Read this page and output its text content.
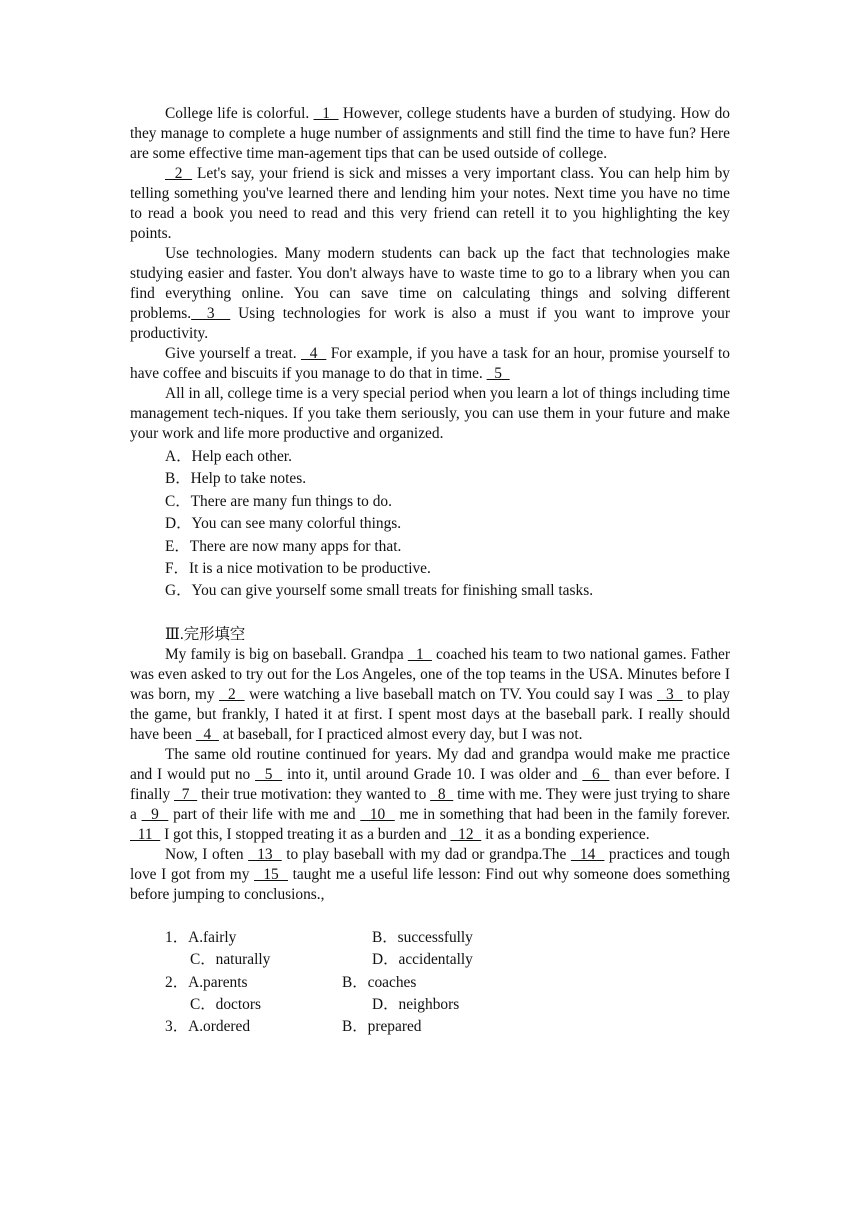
College life is colorful.   1   However, college students have a burden of studying. How do they manage to complete a huge number of assignments and still find the time to have fun? Here are some effective time man-agement tips that can be used outside of college.

2   Let's say, your friend is sick and misses a very important class. You can help him by telling something you've learned there and lending him your notes. Next time you have no time to read a book you need to read and this very friend can retell it to you highlighting the key points.

Use technologies. Many modern students can back up the fact that technologies make studying easier and faster. You don't always have to waste time to go to a library when you can find everything online. You can save time on calculating things and solving different problems.  3   Using technologies for work is also a must if you want to improve your productivity.

Give yourself a treat.   4   For example, if you have a task for an hour, promise yourself to have coffee and biscuits if you manage to do that in time.   5

All in all, college time is a very special period when you learn a lot of things including time management tech-niques. If you take them seriously, you can use them in your future and make your work and life more productive and organized.

A．Help each other.
B．Help to take notes.
C．There are many fun things to do.
D．You can see many colorful things.
E．There are now many apps for that.
F．It is a nice motivation to be productive.
G．You can give yourself some small treats for finishing small tasks.
Ⅲ.完形填空

My family is big on baseball. Grandpa   1   coached his team to two national games. Father was even asked to try out for the Los Angeles, one of the top teams in the USA. Minutes before I was born, my   2   were watching a live baseball match on TV. You could say I was   3   to play the game, but frankly, I hated it at first. I spent most days at the baseball park. I really should have been   4   at baseball, for I practiced almost every day, but I was not.

The same old routine continued for years. My dad and grandpa would make me practice and I would put no   5   into it, until around Grade 10. I was older and   6   than ever before. I finally   7   their true motivation: they wanted to   8   time with me. They were just trying to share a   9   part of their life with me and   10   me in something that had been in the family forever.   11   I got this, I stopped treating it as a burden and   12   it as a bonding experience.

Now, I often   13   to play baseball with my dad or grandpa.The   14   practices and tough love I got from my   15   taught me a useful life lesson: Find out why someone does something before jumping to conclusions.,

1．A.fairly	B．successfully
C．naturally	D．accidentally
2．A.parents	B．coaches
C．doctors	D．neighbors
3．A.ordered	B．prepared
